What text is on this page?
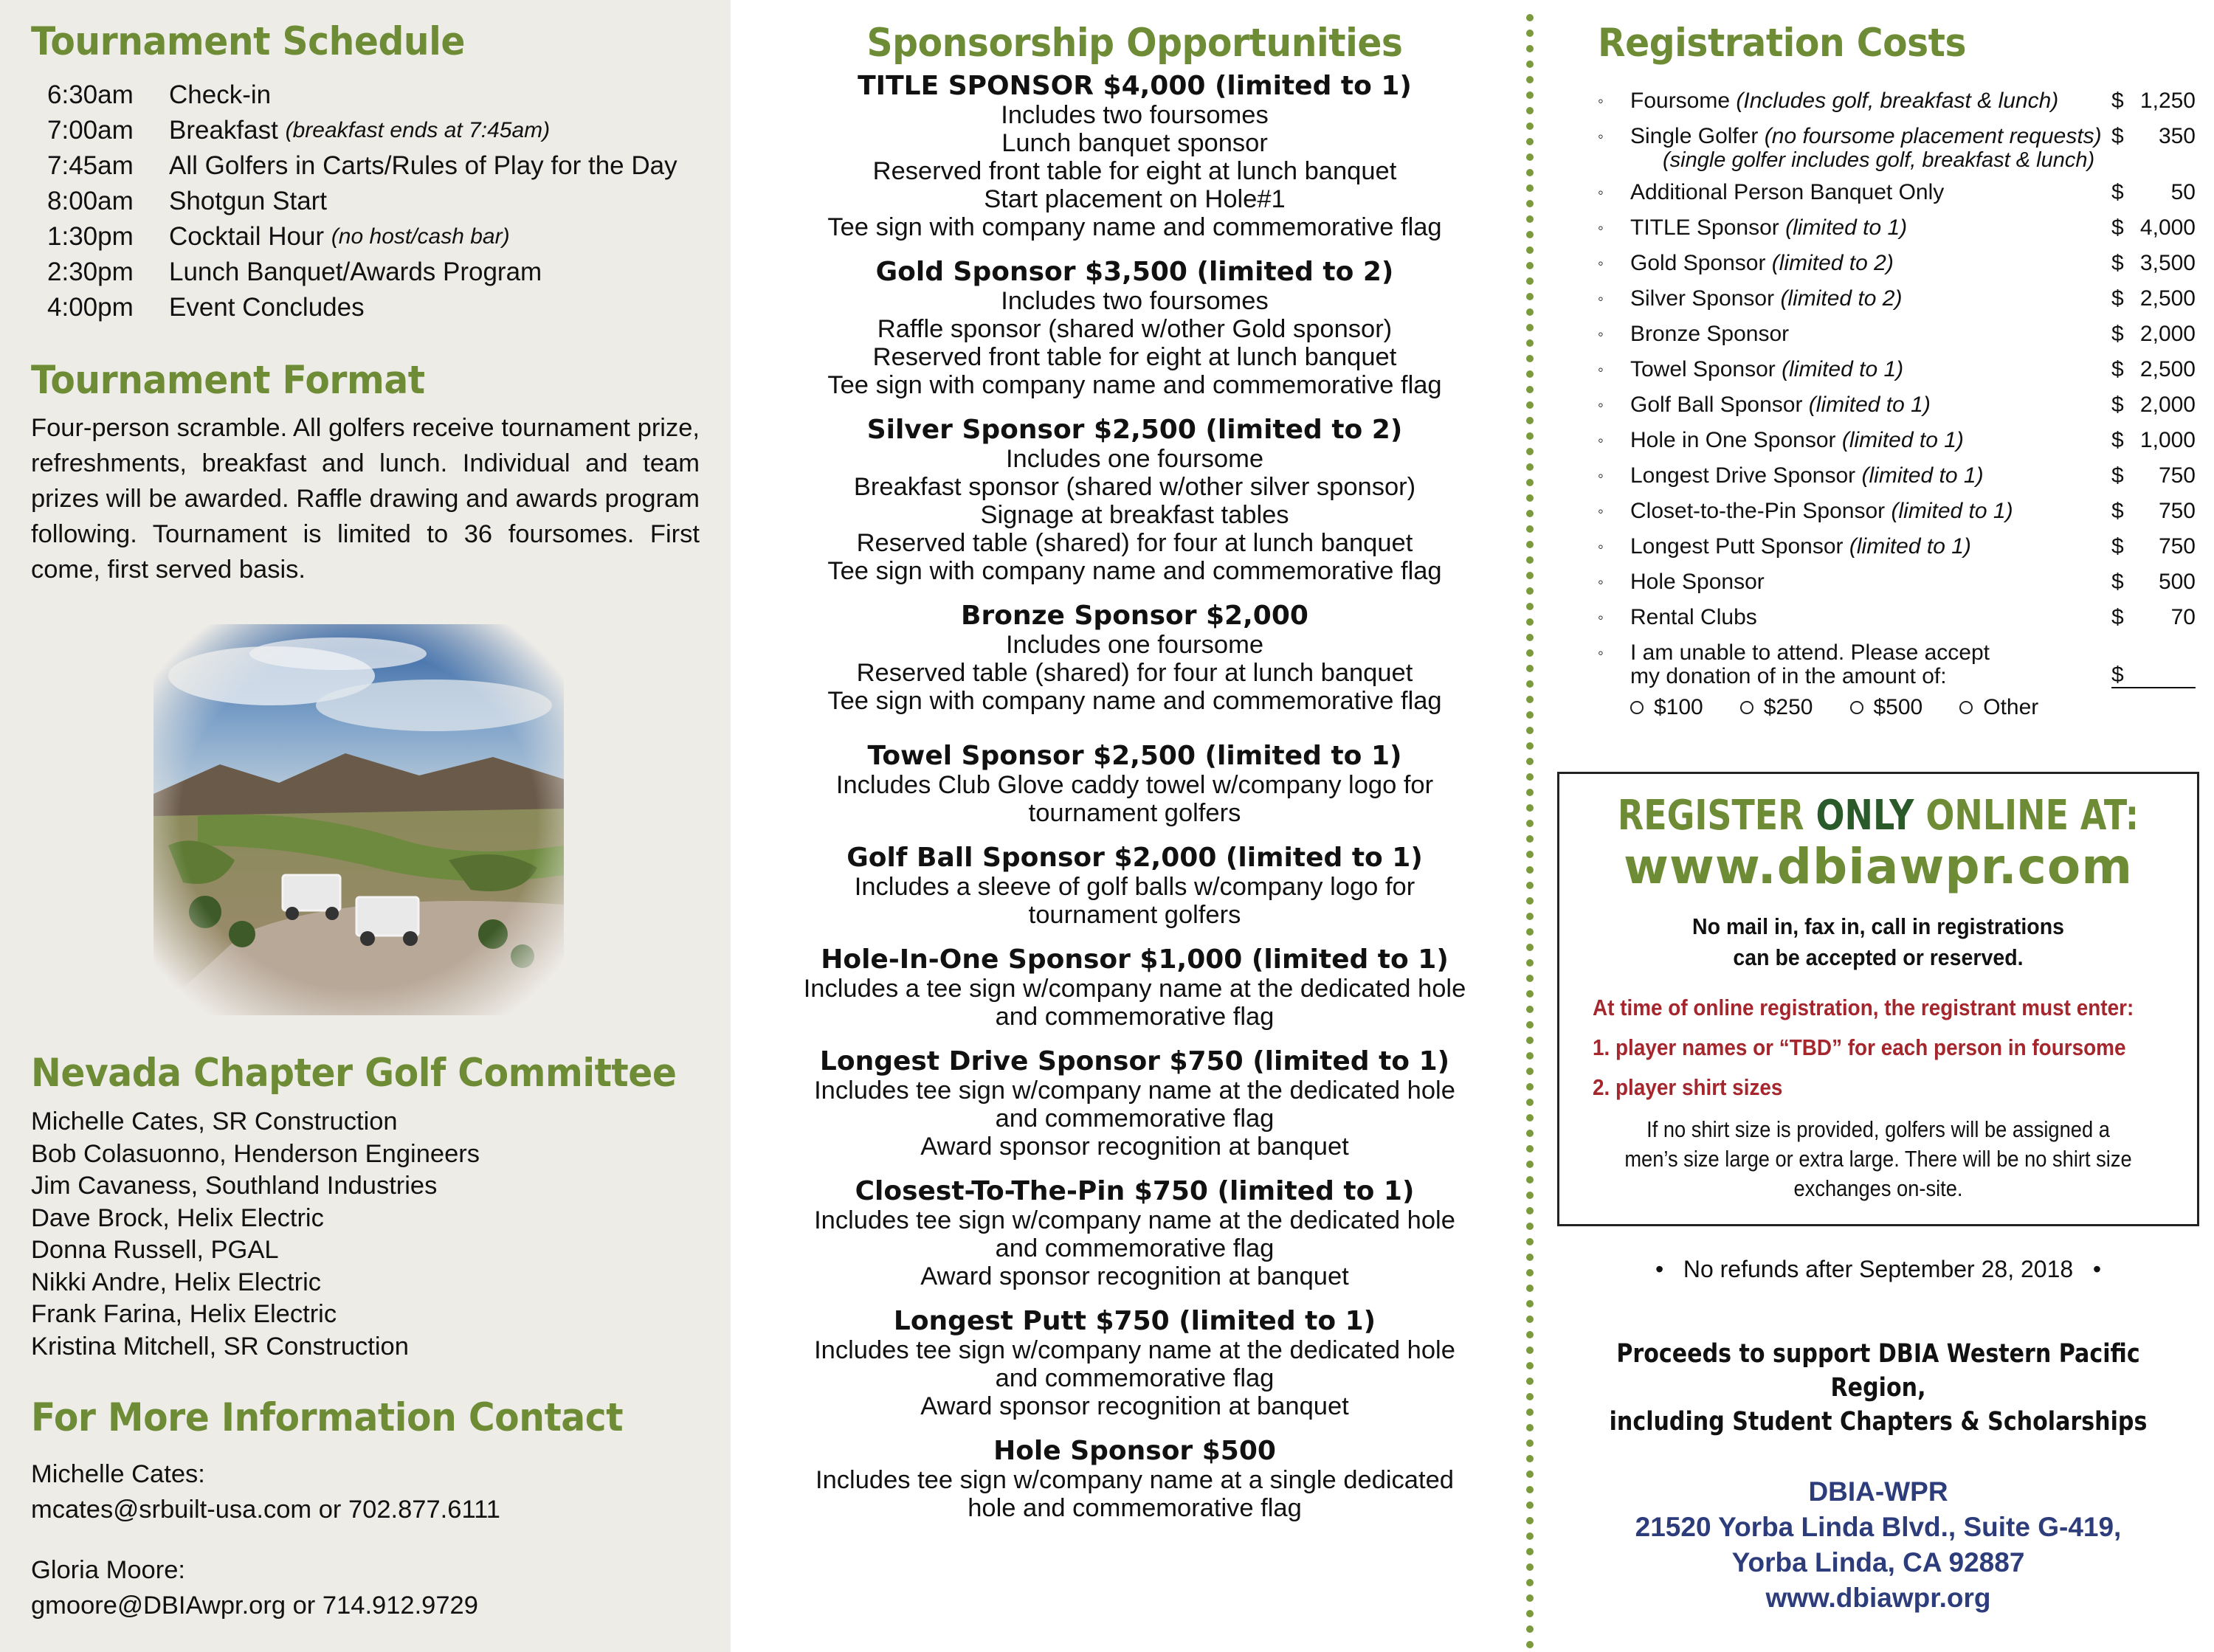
Tournament Schedule
6:30am	Check-in
7:00am	Breakfast
(breakfast ends at 7:45am)
7:45am	All Golfers in Carts/Rules of Play for the Day
8:00am	Shotgun Start
1:30pm	Cocktail Hour
(no host/cash bar)
2:30pm	Lunch Banquet/Awards Program
4:00pm	Event Concludes
Tournament Format

Four-person scramble. All golfers receive tournament prize, refreshments, breakfast and lunch. Individual and team prizes will be awarded. Raffle drawing and awards program following. Tournament is limited to 36 foursomes. First come, first served basis.

Nevada Chapter Golf Committee
Michelle Cates, SR Construction
Bob Colasuonno, Henderson Engineers
Jim Cavaness, Southland Industries
Dave Brock, Helix Electric
Donna Russell, PGAL
Nikki Andre, Helix Electric
Frank Farina, Helix Electric
Kristina Mitchell, SR Construction
For More Information Contact
Michelle Cates:
mcates@srbuilt-usa.com or 702.877.6111
Gloria Moore:
gmoore@DBIAwpr.org or 714.912.9729
Sponsorship Opportunities
TITLE SPONSOR $4,000 (limited to 1)
Includes two foursomes
Lunch banquet sponsor
Reserved front table for eight at lunch banquet
Start placement on Hole#1
Tee sign with company name and commemorative flag
Gold Sponsor $3,500 (limited to 2)
Includes two foursomes
Raffle sponsor (shared w/other Gold sponsor)
Reserved front table for eight at lunch banquet
Tee sign with company name and commemorative flag
Silver Sponsor $2,500 (limited to 2)
Includes one foursome
Breakfast sponsor (shared w/other silver sponsor)
Signage at breakfast tables
Reserved table (shared) for four at lunch banquet
Tee sign with company name and commemorative flag
Bronze Sponsor $2,000
Includes one foursome
Reserved table (shared) for four at lunch banquet
Tee sign with company name and commemorative flag
Towel Sponsor $2,500 (limited to 1)
Includes Club Glove caddy towel w/company logo for
tournament golfers
Golf Ball Sponsor $2,000 (limited to 1)
Includes a sleeve of golf balls w/company logo for
tournament golfers
Hole-In-One Sponsor $1,000 (limited to 1)
Includes a tee sign w/company name at the dedicated hole
and commemorative flag
Longest Drive Sponsor $750 (limited to 1)
Includes tee sign w/company name at the dedicated hole
and commemorative flag
Award sponsor recognition at banquet
Closest-To-The-Pin $750 (limited to 1)
Includes tee sign w/company name at the dedicated hole
and commemorative flag
Award sponsor recognition at banquet
Longest Putt $750 (limited to 1)
Includes tee sign w/company name at the dedicated hole
and commemorative flag
Award sponsor recognition at banquet
Hole Sponsor $500
Includes tee sign w/company name at a single dedicated
hole and commemorative flag
Registration Costs
◦	Foursome (Includes golf, breakfast & lunch)	$ 1,250
◦	Single Golfer (no foursome placement requests) $	350
(single golfer includes golf, breakfast & lunch)
◦	Additional Person Banquet Only	$	50
◦	TITLE Sponsor (limited to 1)	$ 4,000
◦	Gold Sponsor (limited to 2)	$ 3,500
◦	Silver Sponsor (limited to 2)	$ 2,500
◦	Bronze Sponsor	$ 2,000
◦	Towel Sponsor (limited to 1)	$ 2,500
◦	Golf Ball Sponsor (limited to 1)	$ 2,000
◦	Hole in One Sponsor (limited to 1)	$ 1,000
◦	Longest Drive Sponsor (limited to 1)	$	750
◦	Closet-to-the-Pin Sponsor (limited to 1)	$	750
◦	Longest Putt Sponsor (limited to 1)	$	750
◦	Hole Sponsor	$	500
◦	Rental Clubs	$	70
◦	I am unable to attend. Please accept
my donation of in the amount of:	$
$100	$250	$500	Other
REGISTER ONLY ONLINE AT:
www.dbiawpr.com
No mail in, fax in, call in registrations
can be accepted or reserved.
At time of online registration, the registrant must enter:
1. player names or “TBD” for each person in foursome
2. player shirt sizes
If no shirt size is provided, golfers will be assigned a
men’s size large or extra large. There will be no shirt size
exchanges on-site.
• No refunds after September 28, 2018 •
Proceeds to support DBIA Western Pacific Region,
including Student Chapters & Scholarships
DBIA-WPR
21520 Yorba Linda Blvd., Suite G-419,
Yorba Linda, CA 92887
www.dbiawpr.org
